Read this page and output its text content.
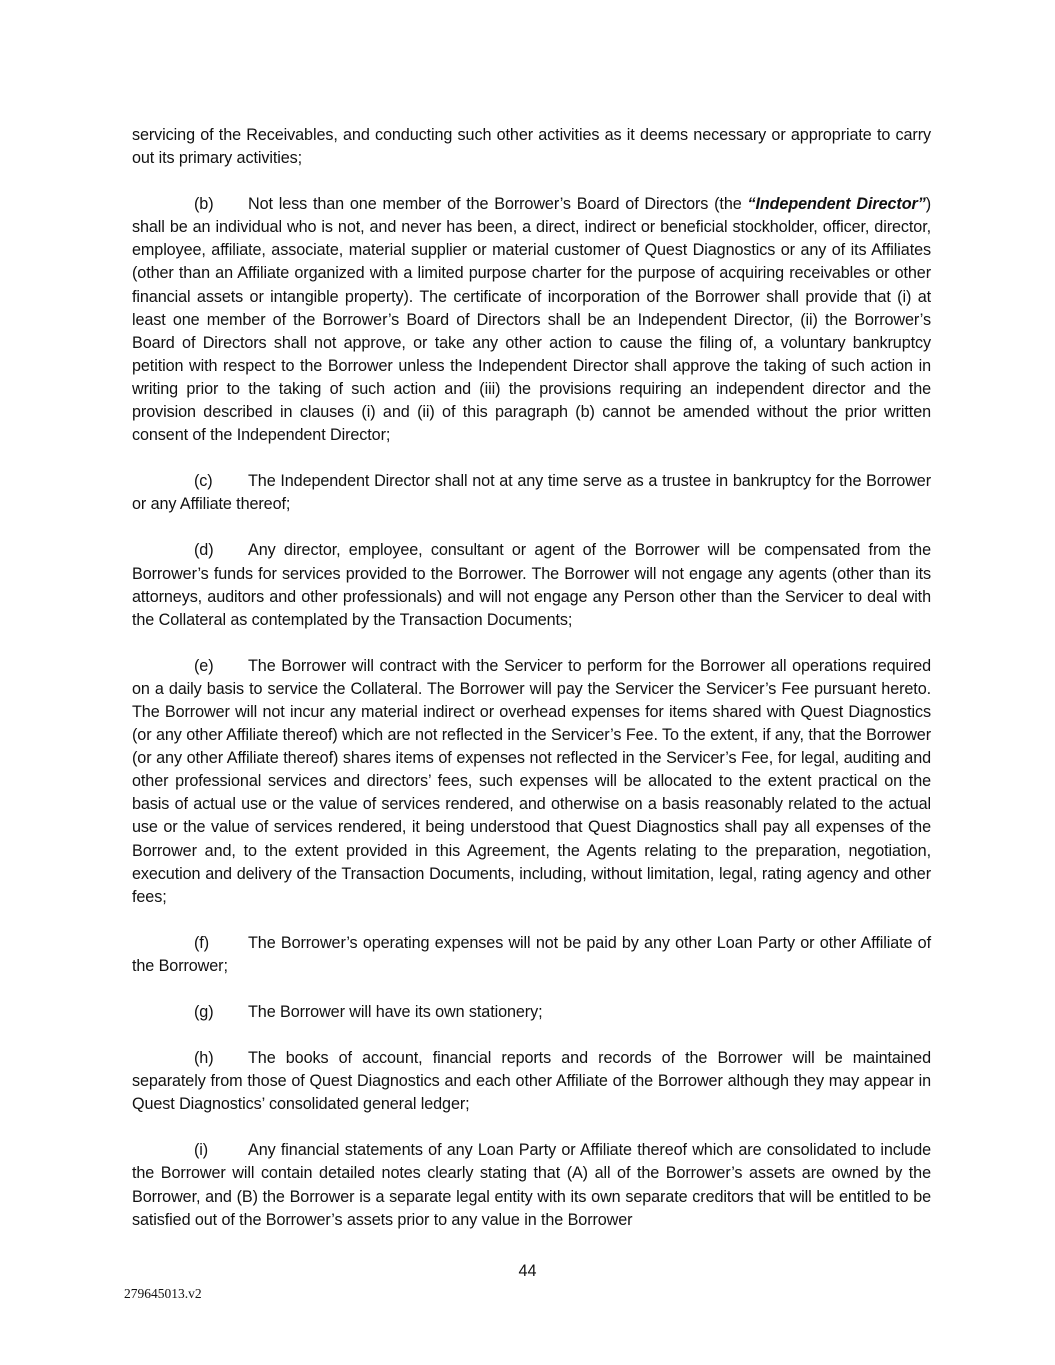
servicing of the Receivables, and conducting such other activities as it deems necessary or appropriate to carry out its primary activities;

(b) Not less than one member of the Borrower’s Board of Directors (the “Independent Director”) shall be an individual who is not, and never has been, a direct, indirect or beneficial stockholder, officer, director, employee, affiliate, associate, material supplier or material customer of Quest Diagnostics or any of its Affiliates (other than an Affiliate organized with a limited purpose charter for the purpose of acquiring receivables or other financial assets or intangible property). The certificate of incorporation of the Borrower shall provide that (i) at least one member of the Borrower’s Board of Directors shall be an Independent Director, (ii) the Borrower’s Board of Directors shall not approve, or take any other action to cause the filing of, a voluntary bankruptcy petition with respect to the Borrower unless the Independent Director shall approve the taking of such action in writing prior to the taking of such action and (iii) the provisions requiring an independent director and the provision described in clauses (i) and (ii) of this paragraph (b) cannot be amended without the prior written consent of the Independent Director;

(c) The Independent Director shall not at any time serve as a trustee in bankruptcy for the Borrower or any Affiliate thereof;

(d) Any director, employee, consultant or agent of the Borrower will be compensated from the Borrower’s funds for services provided to the Borrower. The Borrower will not engage any agents (other than its attorneys, auditors and other professionals) and will not engage any Person other than the Servicer to deal with the Collateral as contemplated by the Transaction Documents;

(e) The Borrower will contract with the Servicer to perform for the Borrower all operations required on a daily basis to service the Collateral. The Borrower will pay the Servicer the Servicer’s Fee pursuant hereto. The Borrower will not incur any material indirect or overhead expenses for items shared with Quest Diagnostics (or any other Affiliate thereof) which are not reflected in the Servicer’s Fee. To the extent, if any, that the Borrower (or any other Affiliate thereof) shares items of expenses not reflected in the Servicer’s Fee, for legal, auditing and other professional services and directors’ fees, such expenses will be allocated to the extent practical on the basis of actual use or the value of services rendered, and otherwise on a basis reasonably related to the actual use or the value of services rendered, it being understood that Quest Diagnostics shall pay all expenses of the Borrower and, to the extent provided in this Agreement, the Agents relating to the preparation, negotiation, execution and delivery of the Transaction Documents, including, without limitation, legal, rating agency and other fees;

(f) The Borrower’s operating expenses will not be paid by any other Loan Party or other Affiliate of the Borrower;

(g) The Borrower will have its own stationery;

(h) The books of account, financial reports and records of the Borrower will be maintained separately from those of Quest Diagnostics and each other Affiliate of the Borrower although they may appear in Quest Diagnostics’ consolidated general ledger;

(i) Any financial statements of any Loan Party or Affiliate thereof which are consolidated to include the Borrower will contain detailed notes clearly stating that (A) all of the Borrower’s assets are owned by the Borrower, and (B) the Borrower is a separate legal entity with its own separate creditors that will be entitled to be satisfied out of the Borrower’s assets prior to any value in the Borrower

44
279645013.v2
